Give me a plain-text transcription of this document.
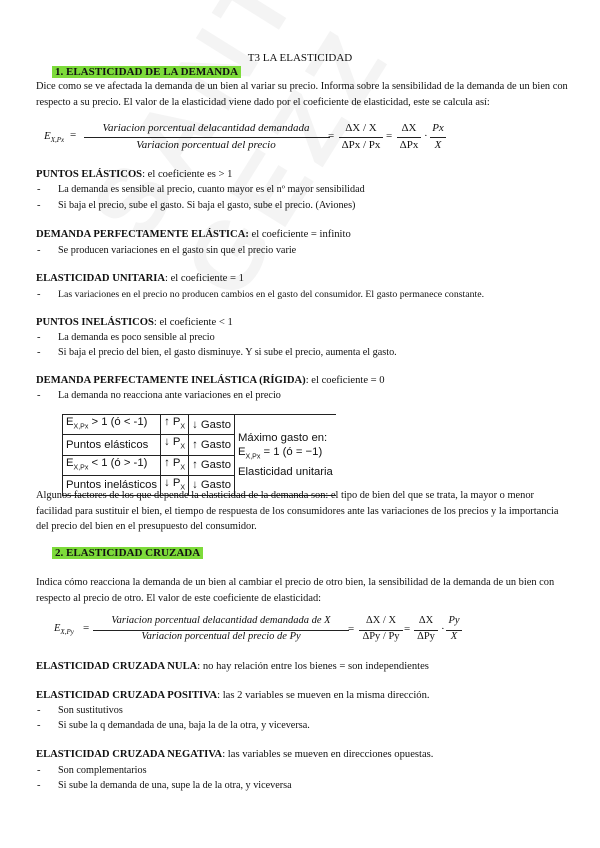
T3 LA ELASTICIDAD
1. ELASTICIDAD DE LA DEMANDA
Dice como se ve afectada la demanda de un bien al variar su precio. Informa sobre la sensibilidad de la demanda de un bien con respecto a su precio. El valor de la elasticidad viene dado por el coeficiente de elasticidad, este se calcula así:
$E_{X,Px}$ =
Variacion porcentual delacantidad demandada
Variacion porcentual del precio
=
ΔX / X
ΔPx / Px
=
ΔX
ΔPx
·
Px
X
PUNTOS ELÁSTICOS: el coeficiente es > 1
- La demanda es sensible al precio, cuanto mayor es el nº mayor sensibilidad
- Si baja el precio, sube el gasto. Si baja el gasto, sube el precio. (Aviones)
DEMANDA PERFECTAMENTE ELÁSTICA: el coeficiente = infinito
- Se producen variaciones en el gasto sin que el precio varie
ELASTICIDAD UNITARIA: el coeficiente = 1
- Las variaciones en el precio no producen cambios en el gasto del consumidor. El gasto permanece constante.
PUNTOS INELÁSTICOS: el coeficiente < 1
- La demanda es poco sensible al precio
- Si baja el precio del bien, el gasto disminuye. Y si sube el precio, aumenta el gasto.
DEMANDA PERFECTAMENTE INELÁSTICA (RÍGIDA): el coeficiente = 0
- La demanda no reacciona ante variaciones en el precio
$E_{X,Px} > 1$ (ó < -1)	↑ $P_X$	↓ Gasto	Máximo gasto en:
$E_{X,Px} = 1$ (ó = −1)
Elasticidad unitaria

Puntos elásticos	↓ $P_X$	↑ Gasto	
$E_{X,Px} < 1$ (ó > -1)	↑ $P_X$	↑ Gasto	
Puntos inelásticos	↓ $P_X$	↓ Gasto	
Algunos factores de los que depende la elasticidad de la demanda son: el tipo de bien del que se trata, la mayor o menor facilidad para sustituir el bien, el tiempo de respuesta de los consumidores ante las variaciones de los precios y la importancia del precio del bien en el presupuesto del consumidor.
2. ELASTICIDAD CRUZADA
Indica cómo reacciona la demanda de un bien al cambiar el precio de otro bien, la sensibilidad de la demanda de un bien con respecto al precio de otro. El valor de este coeficiente de elasticidad:
$E_{X,Py}$ =
Variacion porcentual delacantidad demandada de X
Variacion porcentual del precio de Py
=
ΔX / X
ΔPy / Py
=
ΔX
ΔPy
·
Py
X
ELASTICIDAD CRUZADA NULA: no hay relación entre los bienes = son independientes
ELASTICIDAD CRUZADA POSITIVA: las 2 variables se mueven en la misma dirección.
- Son sustitutivos
- Si sube la q demandada de una, baja la de la otra, y viceversa.
ELASTICIDAD CRUZADA NEGATIVA: las variables se mueven en direcciones opuestas.
- Son complementarios
- Si sube la demanda de una, supe la de la otra, y viceversa
